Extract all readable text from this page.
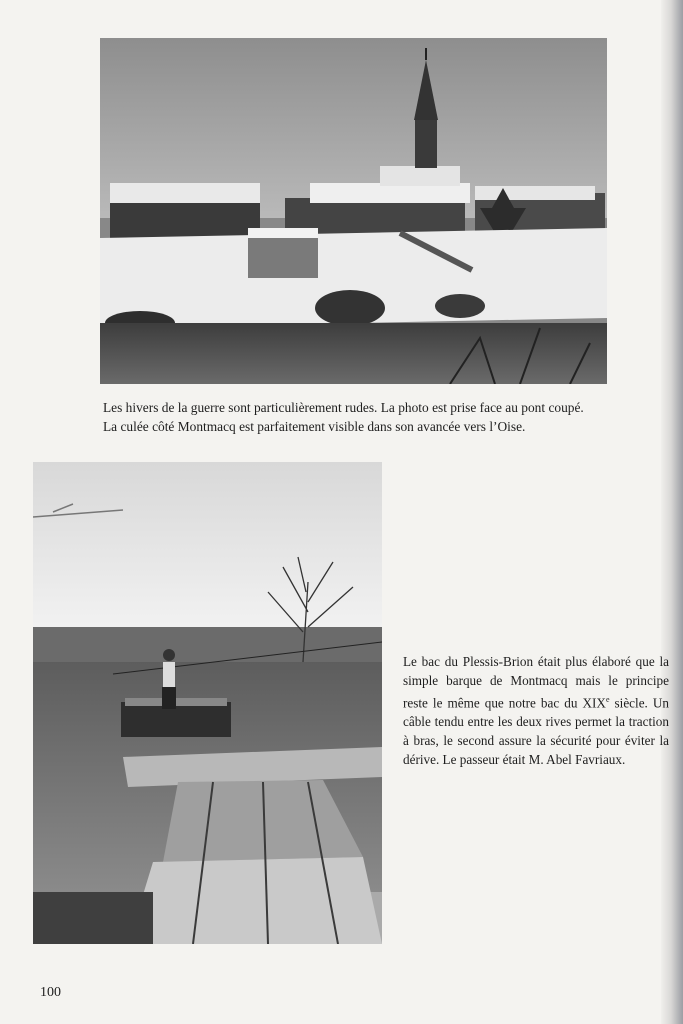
Les hivers de la guerre sont particulièrement rudes. La photo est prise face au pont coupé.
La culée côté Montmacq est parfaitement visible dans son avancée vers l’Oise.

Le bac du Plessis-Brion était plus élaboré que la simple barque de Montmacq mais le principe reste le même que notre bac du XIXe siècle. Un câble tendu entre les deux rives permet la traction à bras, le second assure la sécurité pour éviter la dérive. Le passeur était M. Abel Favriaux.

100
